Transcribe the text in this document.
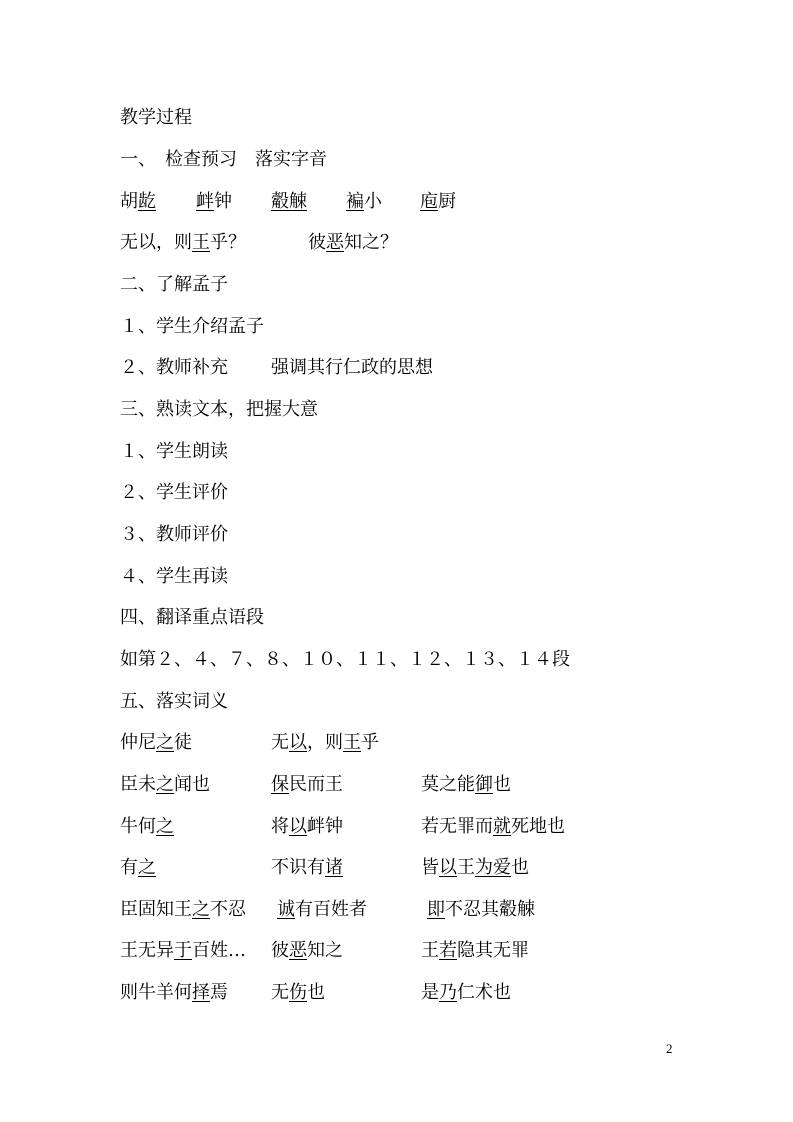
教学过程
一、　检查预习　落实字音
胡龁 衅钟 觳觫 褊小 庖厨
无以，则王乎？	彼恶知之？
二、了解孟子
１、学生介绍孟子
２、教师补充 强调其行仁政的思想
三、熟读文本，把握大意
１、学生朗读
２、学生评价
３、教师评价
４、学生再读
四、翻译重点语段
如第２、４、７、８、１０、１１、１２、１３、１４段
五、落实词义
仲尼之徒	无以，则王乎
臣未之闻也	保民而王	莫之能御也
牛何之	将以衅钟	若无罪而就死地也
有之	不识有诸	皆以王为爱也
臣固知王之不忍 诚有百姓者	即不忍其觳觫
王无异于百姓… 彼恶知之	王若隐其无罪
则牛羊何择焉 无伤也	是乃仁术也
2
